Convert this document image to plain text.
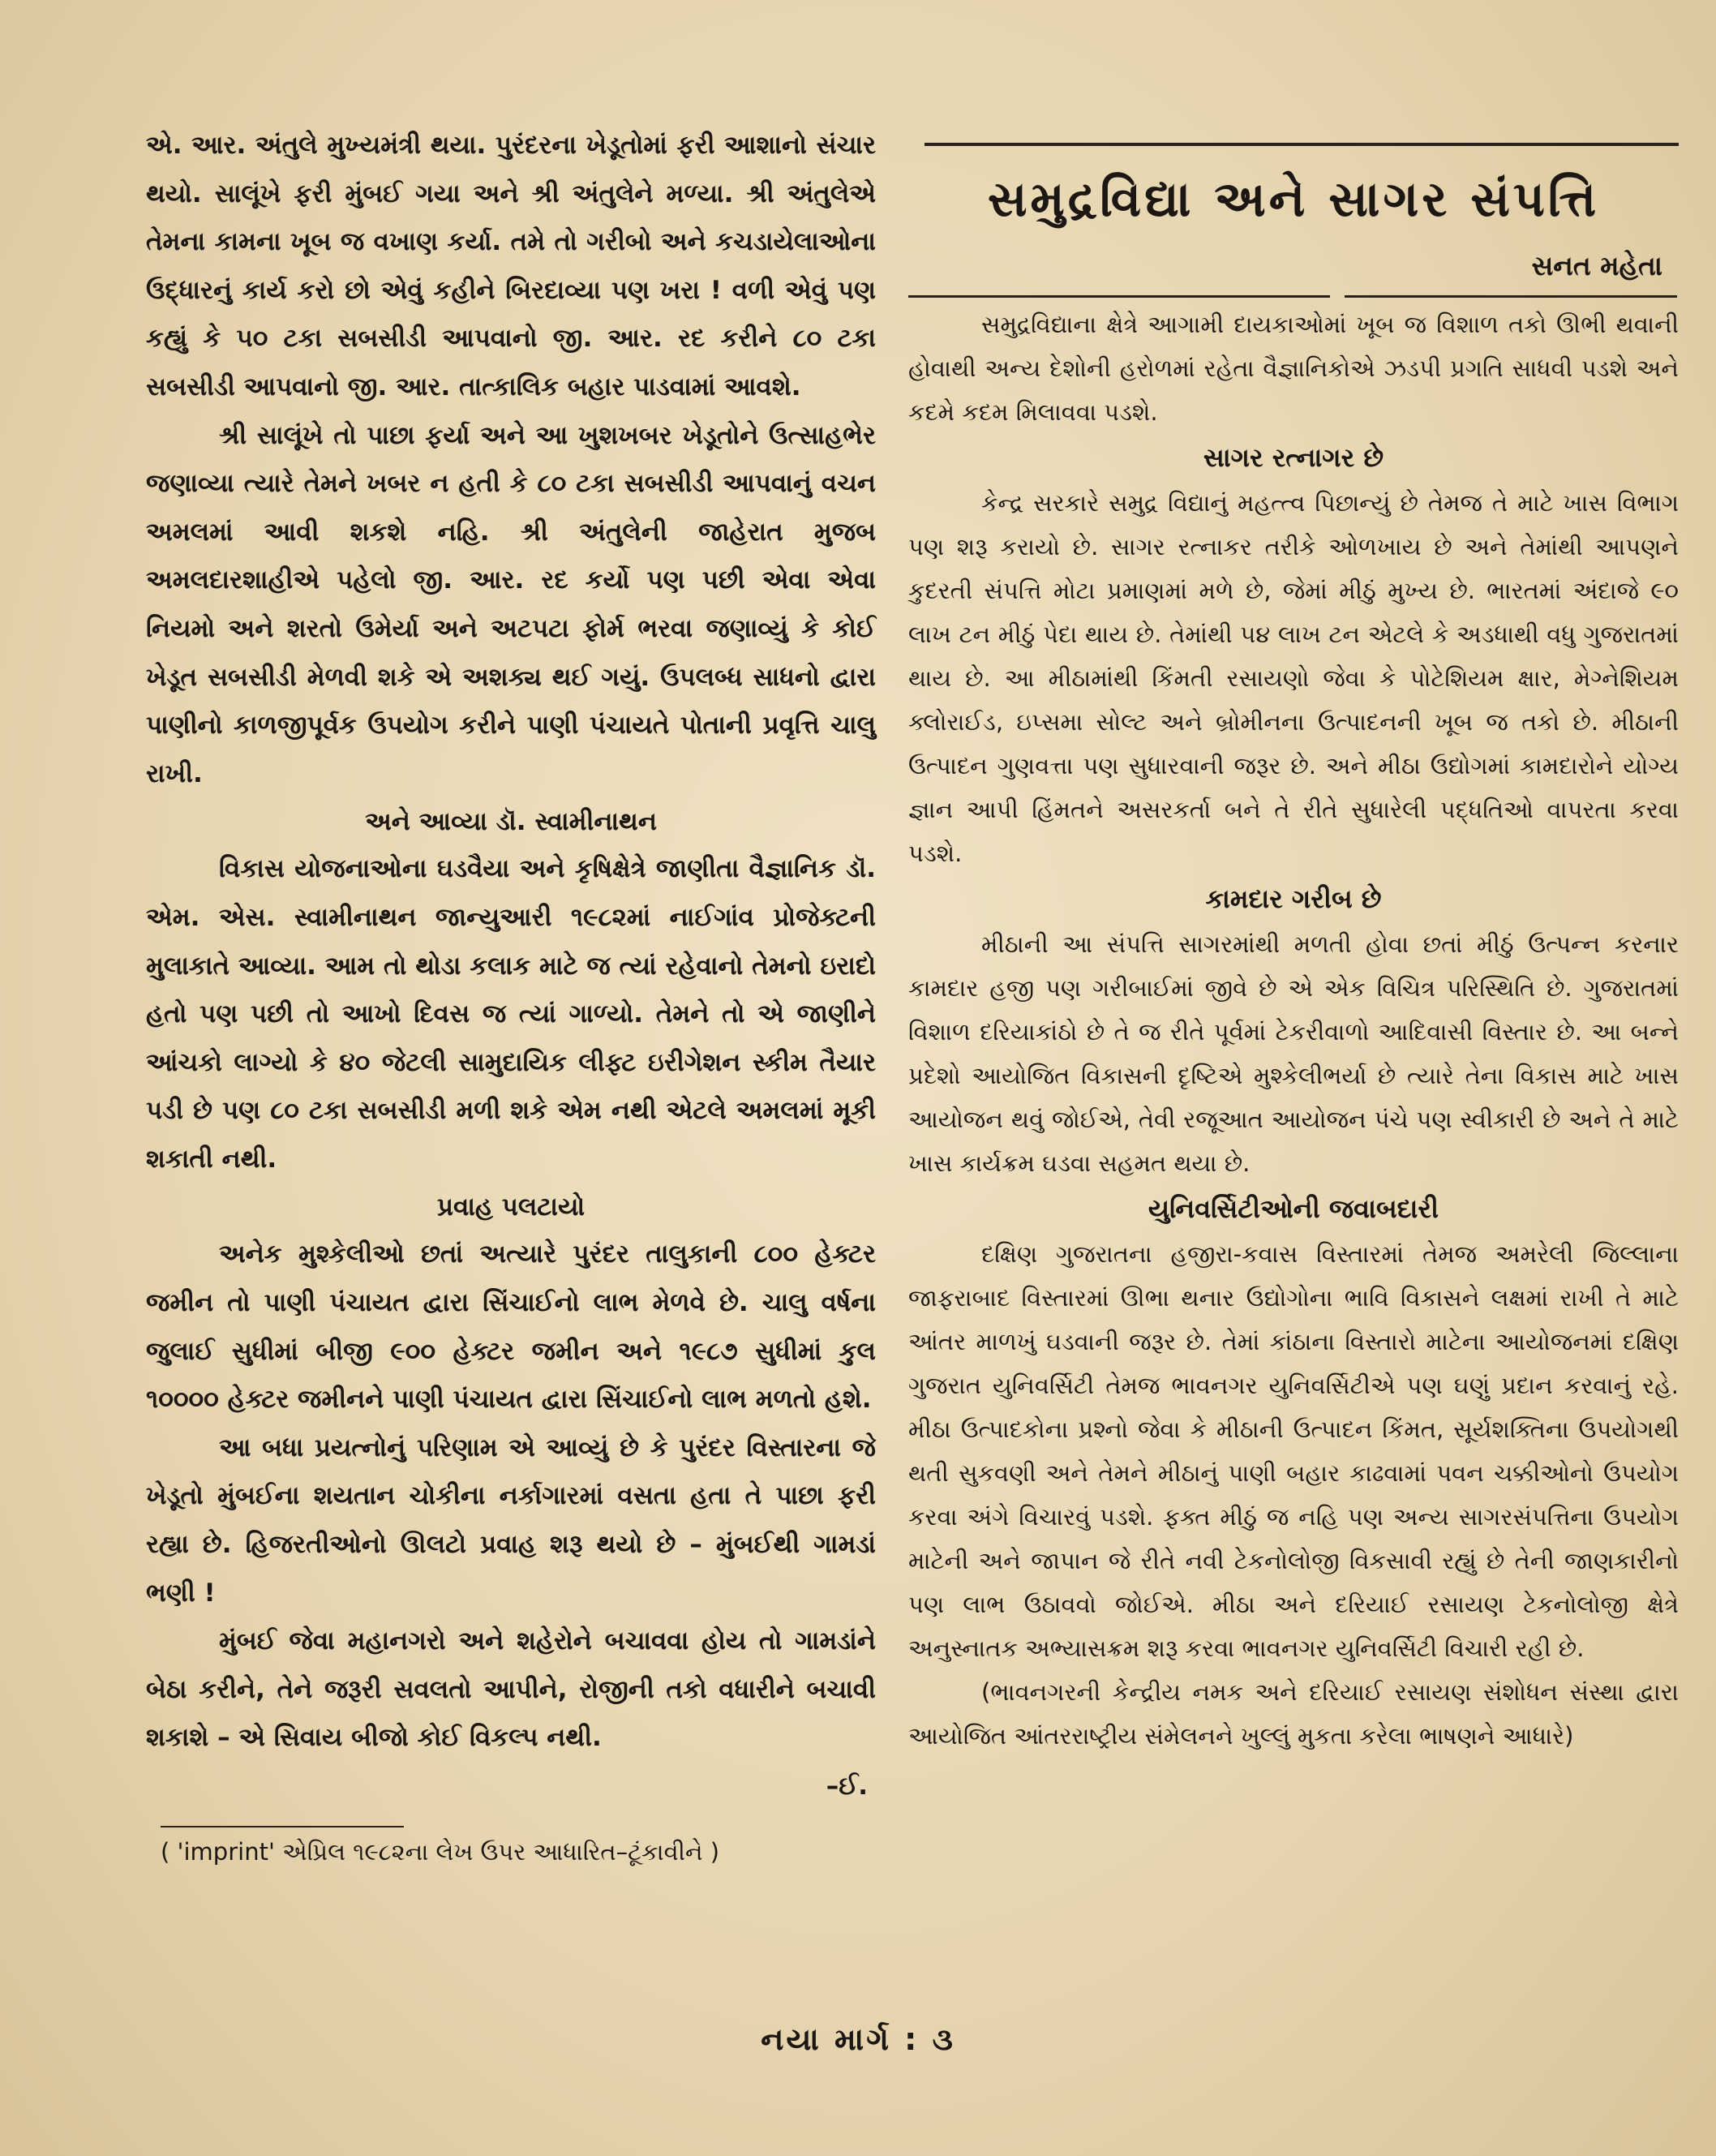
એ. આર. અંતુલે મુખ્યમંત્રી થયા. પુરંદરના ખેડૂતોમાં ફરી આશાનો સંચાર થયો. સાલૂંખે ફરી મુંબઈ ગયા અને શ્રી અંતુલેને મળ્યા. શ્રી અંતુલેએ તેમના કામના ખૂબ જ વખાણ કર્યા. તમે તો ગરીબો અને કચડાયેલાઓના ઉદ્ધારનું કાર્ય કરો છો એવું કહીને બિરદાવ્યા પણ ખરા ! વળી એવું પણ કહ્યું કે ૫૦ ટકા સબસીડી આપવાનો જી. આર. રદ કરીને ૮૦ ટકા સબસીડી આપવાનો જી. આર. તાત્કાલિક બહાર પાડવામાં આવશે.

શ્રી સાલૂંખે તો પાછા ફર્યા અને આ ખુશખબર ખેડૂતોને ઉત્સાહભેર જણાવ્યા ત્યારે તેમને ખબર ન હતી કે ૮૦ ટકા સબસીડી આપવાનું વચન અમલમાં આવી શકશે નહિ. શ્રી અંતુલેની જાહેરાત મુજબ અમલદારશાહીએ પહેલો જી. આર. રદ કર્યો પણ પછી એવા એવા નિયમો અને શરતો ઉમેર્યા અને અટપટા ફોર્મ ભરવા જણાવ્યું કે કોઈ ખેડૂત સબસીડી મેળવી શકે એ અશક્ય થઈ ગયું. ઉપલબ્ધ સાધનો દ્વારા પાણીનો કાળજીપૂર્વક ઉપયોગ કરીને પાણી પંચાયતે પોતાની પ્રવૃત્તિ ચાલુ રાખી.

અને આવ્યા ડૉ. સ્વામીનાથન

વિકાસ યોજનાઓના ઘડવૈયા અને કૃષિક્ષેત્રે જાણીતા વૈજ્ઞાનિક ડૉ. એમ. એસ. સ્વામીનાથન જાન્યુઆરી ૧૯૮૨માં નાઈગાંવ પ્રોજેક્ટની મુલાકાતે આવ્યા. આમ તો થોડા કલાક માટે જ ત્યાં રહેવાનો તેમનો ઇરાદો હતો પણ પછી તો આખો દિવસ જ ત્યાં ગાળ્યો. તેમને તો એ જાણીને આંચકો લાગ્યો કે ૪૦ જેટલી સામુદાયિક લીફ્ટ ઇરીગેશન સ્કીમ તૈયાર પડી છે પણ ૮૦ ટકા સબસીડી મળી શકે એમ નથી એટલે અમલમાં મૂકી શકાતી નથી.

પ્રવાહ પલટાયો

અનેક મુશ્કેલીઓ છતાં અત્યારે પુરંદર તાલુકાની ૮૦૦ હેક્ટર જમીન તો પાણી પંચાયત દ્વારા સિંચાઈનો લાભ મેળવે છે. ચાલુ વર્ષના જુલાઈ સુધીમાં બીજી ૯૦૦ હેક્ટર જમીન અને ૧૯૮૭ સુધીમાં કુલ ૧૦૦૦૦ હેક્ટર જમીનને પાણી પંચાયત દ્વારા સિંચાઈનો લાભ મળતો હશે.

આ બધા પ્રયત્નોનું પરિણામ એ આવ્યું છે કે પુરંદર વિસ્તારના જે ખેડૂતો મુંબઈના શયતાન ચોકીના નર્કાગારમાં વસતા હતા તે પાછા ફરી રહ્યા છે. હિજરતીઓનો ઊલટો પ્રવાહ શરૂ થયો છે – મુંબઈથી ગામડાં ભણી !

મુંબઈ જેવા મહાનગરો અને શહેરોને બચાવવા હોય તો ગામડાંને બેઠા કરીને, તેને જરૂરી સવલતો આપીને, રોજીની તકો વધારીને બચાવી શકાશે – એ સિવાય બીજો કોઈ વિકલ્પ નથી.

–ઈ.

( 'imprint' એપ્રિલ ૧૯૮૨ના લેખ ઉપર આધારિત–ટૂંકાવીને )
સમુદ્રવિદ્યા અને સાગર સંપત્તિ
સનત મહેતા

સમુદ્રવિદ્યાના ક્ષેત્રે આગામી દાયકાઓમાં ખૂબ જ વિશાળ તકો ઊભી થવાની હોવાથી અન્ય દેશોની હરોળમાં રહેતા વૈજ્ઞાનિકોએ ઝડપી પ્રગતિ સાધવી પડશે અને કદમે કદમ મિલાવવા પડશે.

સાગર રત્નાગર છે

કેન્દ્ર સરકારે સમુદ્ર વિદ્યાનું મહત્ત્વ પિછાન્યું છે તેમજ તે માટે ખાસ વિભાગ પણ શરૂ કરાયો છે. સાગર રત્નાકર તરીકે ઓળખાય છે અને તેમાંથી આપણને કુદરતી સંપત્તિ મોટા પ્રમાણમાં મળે છે, જેમાં મીઠું મુખ્ય છે. ભારતમાં અંદાજે ૯૦ લાખ ટન મીઠું પેદા થાય છે. તેમાંથી ૫૪ લાખ ટન એટલે કે અડધાથી વધુ ગુજરાતમાં થાય છે. આ મીઠામાંથી કિંમતી રસાયણો જેવા કે પોટેશિયમ ક્ષાર, મેગ્નેશિયમ ક્લોરાઈડ, ઇપ્સમા સોલ્ટ અને બ્રોમીનના ઉત્પાદનની ખૂબ જ તકો છે. મીઠાની ઉત્પાદન ગુણવત્તા પણ સુધારવાની જરૂર છે. અને મીઠા ઉદ્યોગમાં કામદારોને યોગ્ય જ્ઞાન આપી હિંમતને અસરકર્તા બને તે રીતે સુધારેલી પદ્ધતિઓ વાપરતા કરવા પડશે.

કામદાર ગરીબ છે

મીઠાની આ સંપત્તિ સાગરમાંથી મળતી હોવા છતાં મીઠું ઉત્પન્ન કરનાર કામદાર હજી પણ ગરીબાઈમાં જીવે છે એ એક વિચિત્ર પરિસ્થિતિ છે. ગુજરાતમાં વિશાળ દરિયાકાંઠો છે તે જ રીતે પૂર્વમાં ટેકરીવાળો આદિવાસી વિસ્તાર છે. આ બન્ને પ્રદેશો આયોજિત વિકાસની દૃષ્ટિએ મુશ્કેલીભર્યા છે ત્યારે તેના વિકાસ માટે ખાસ આયોજન થવું જોઈએ, તેવી રજૂઆત આયોજન પંચે પણ સ્વીકારી છે અને તે માટે ખાસ કાર્યક્રમ ઘડવા સહમત થયા છે.

યુનિવર્સિટીઓની જવાબદારી

દક્ષિણ ગુજરાતના હજીરા-કવાસ વિસ્તારમાં તેમજ અમરેલી જિલ્લાના જાફરાબાદ વિસ્તારમાં ઊભા થનાર ઉદ્યોગોના ભાવિ વિકાસને લક્ષમાં રાખી તે માટે આંતર માળખું ઘડવાની જરૂર છે. તેમાં કાંઠાના વિસ્તારો માટેના આયોજનમાં દક્ષિણ ગુજરાત યુનિવર્સિટી તેમજ ભાવનગર યુનિવર્સિટીએ પણ ઘણું પ્રદાન કરવાનું રહે. મીઠા ઉત્પાદકોના પ્રશ્નો જેવા કે મીઠાની ઉત્પાદન કિંમત, સૂર્યશક્તિના ઉપયોગથી થતી સુકવણી અને તેમને મીઠાનું પાણી બહાર કાઢવામાં પવન ચક્કીઓનો ઉપયોગ કરવા અંગે વિચારવું પડશે. ફક્ત મીઠું જ નહિ પણ અન્ય સાગરસંપત્તિના ઉપયોગ માટેની અને જાપાન જે રીતે નવી ટેકનોલોજી વિકસાવી રહ્યું છે તેની જાણકારીનો પણ લાભ ઉઠાવવો જોઈએ. મીઠા અને દરિયાઈ રસાયણ ટેકનોલોજી ક્ષેત્રે અનુસ્નાતક અભ્યાસક્રમ શરૂ કરવા ભાવનગર યુનિવર્સિટી વિચારી રહી છે.

(ભાવનગરની કેન્દ્રીય નમક અને દરિયાઈ રસાયણ સંશોધન સંસ્થા દ્વારા આયોજિત આંતરરાષ્ટ્રીય સંમેલનને ખુલ્લું મુકતા કરેલા ભાષણને આધારે)

નયા માર્ગ : ૩
